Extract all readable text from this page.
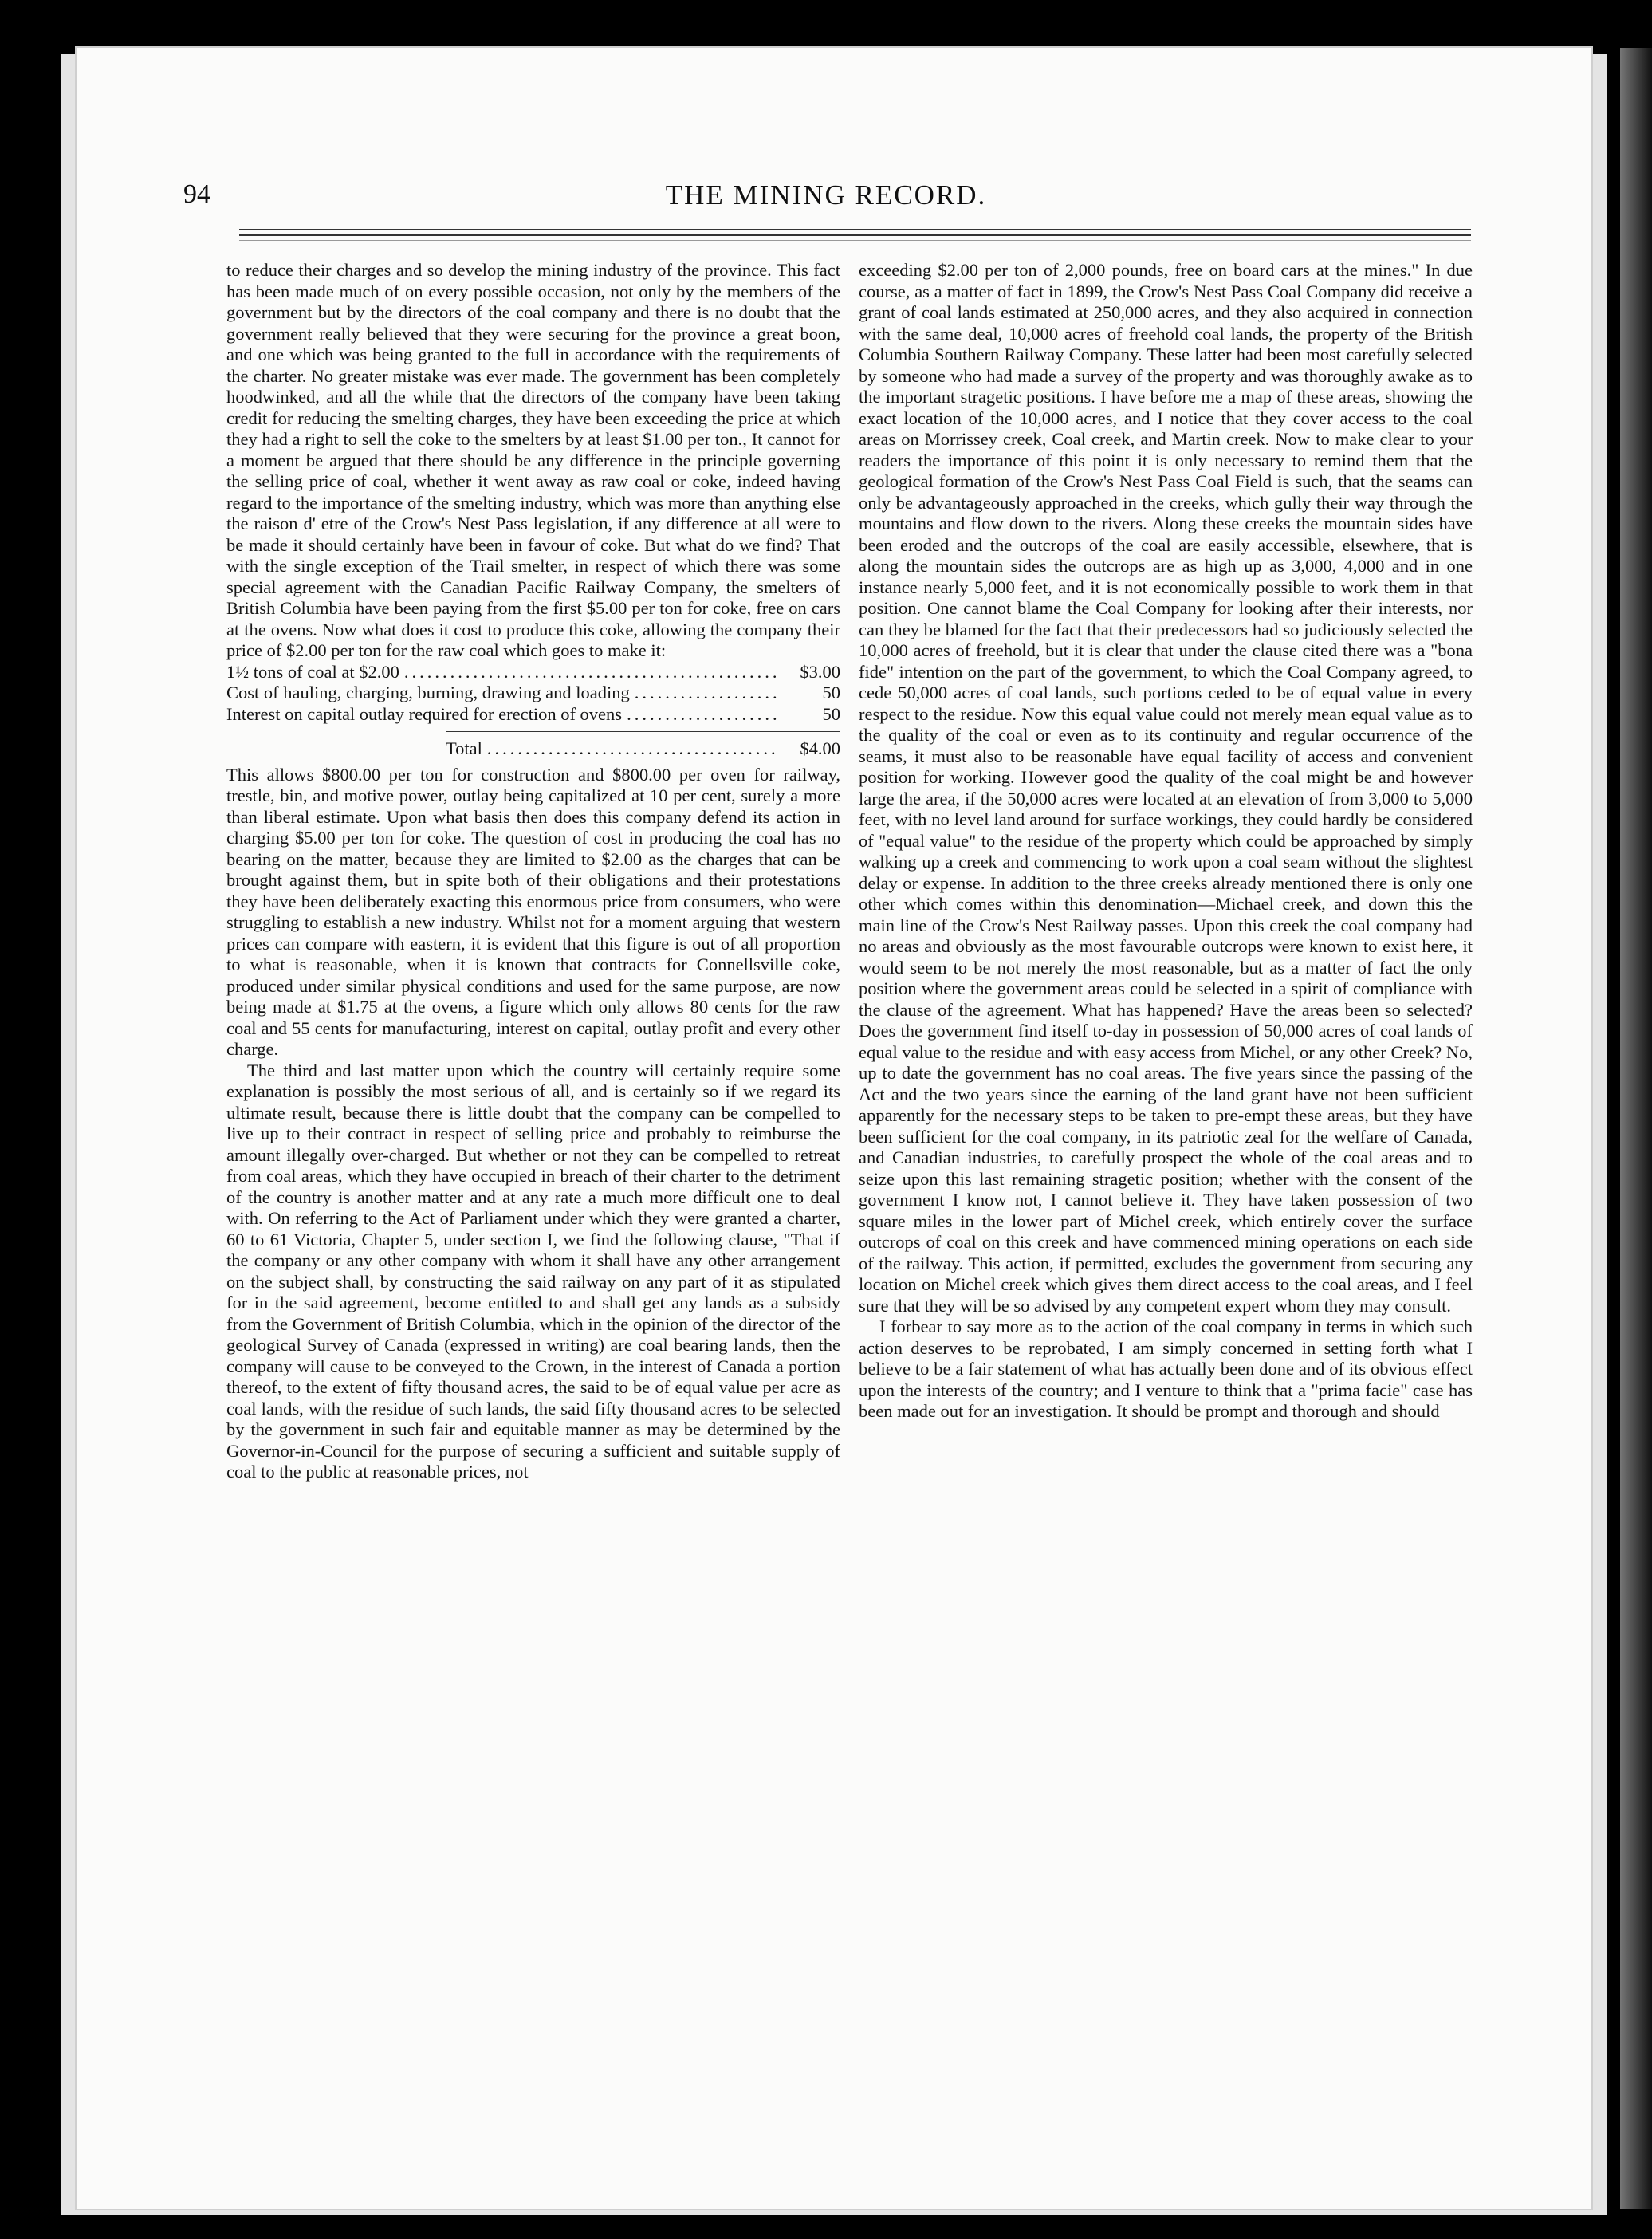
94	THE MINING RECORD.

to reduce their charges and so develop the mining industry of the province. This fact has been made much of on every possible occasion, not only by the members of the government but by the directors of the coal company and there is no doubt that the government really believed that they were securing for the province a great boon, and one which was being granted to the full in accordance with the requirements of the charter. No greater mistake was ever made. The government has been completely hoodwinked, and all the while that the directors of the company have been taking credit for reducing the smelting charges, they have been exceeding the price at which they had a right to sell the coke to the smelters by at least $1.00 per ton., It cannot for a moment be argued that there should be any difference in the principle governing the selling price of coal, whether it went away as raw coal or coke, indeed having regard to the importance of the smelting industry, which was more than anything else the raison d' etre of the Crow's Nest Pass legislation, if any difference at all were to be made it should certainly have been in favour of coke. But what do we find? That with the single exception of the Trail smelter, in respect of which there was some special agreement with the Canadian Pacific Railway Company, the smelters of British Columbia have been paying from the first $5.00 per ton for coke, free on cars at the ovens. Now what does it cost to produce this coke, allowing the company their price of $2.00 per ton for the raw coal which goes to make it:

1½ tons of coal at $2.00 .....	$3.00
Cost of hauling, charging, burning, drawing and loading .....	50
Interest on capital outlay required for erection of ovens .....	50
Total .....	$4.00

This allows $800.00 per ton for construction and $800.00 per oven for railway, trestle, bin, and motive power, outlay being capitalized at 10 per cent, surely a more than liberal estimate. Upon what basis then does this company defend its action in charging $5.00 per ton for coke. The question of cost in producing the coal has no bearing on the matter, because they are limited to $2.00 as the charges that can be brought against them, but in spite both of their obligations and their protestations they have been deliberately exacting this enormous price from consumers, who were struggling to establish a new industry. Whilst not for a moment arguing that western prices can compare with eastern, it is evident that this figure is out of all proportion to what is reasonable, when it is known that contracts for Connellsville coke, produced under similar physical conditions and used for the same purpose, are now being made at $1.75 at the ovens, a figure which only allows 80 cents for the raw coal and 55 cents for manufacturing, interest on capital, outlay profit and every other charge.

The third and last matter upon which the country will certainly require some explanation is possibly the most serious of all, and is certainly so if we regard its ultimate result, because there is little doubt that the company can be compelled to live up to their contract in respect of selling price and probably to reimburse the amount illegally over-charged. But whether or not they can be compelled to retreat from coal areas, which they have occupied in breach of their charter to the detriment of the country is another matter and at any rate a much more difficult one to deal with. On referring to the Act of Parliament under which they were granted a charter, 60 to 61 Victoria, Chapter 5, under section I, we find the following clause, "That if the company or any other company with whom it shall have any other arrangement on the subject shall, by constructing the said railway on any part of it as stipulated for in the said agreement, become entitled to and shall get any lands as a subsidy from the Government of British Columbia, which in the opinion of the director of the geological Survey of Canada (expressed in writing) are coal bearing lands, then the company will cause to be conveyed to the Crown, in the interest of Canada a portion thereof, to the extent of fifty thousand acres, the said to be of equal value per acre as coal lands, with the residue of such lands, the said fifty thousand acres to be selected by the government in such fair and equitable manner as may be determined by the Governor-in-Council for the purpose of securing a sufficient and suitable supply of coal to the public at reasonable prices, not

exceeding $2.00 per ton of 2,000 pounds, free on board cars at the mines." In due course, as a matter of fact in 1899, the Crow's Nest Pass Coal Company did receive a grant of coal lands estimated at 250,000 acres, and they also acquired in connection with the same deal, 10,000 acres of freehold coal lands, the property of the British Columbia Southern Railway Company. These latter had been most carefully selected by someone who had made a survey of the property and was thoroughly awake as to the important stragetic positions. I have before me a map of these areas, showing the exact location of the 10,000 acres, and I notice that they cover access to the coal areas on Morrissey creek, Coal creek, and Martin creek. Now to make clear to your readers the importance of this point it is only necessary to remind them that the geological formation of the Crow's Nest Pass Coal Field is such, that the seams can only be advantageously approached in the creeks, which gully their way through the mountains and flow down to the rivers. Along these creeks the mountain sides have been eroded and the outcrops of the coal are easily accessible, elsewhere, that is along the mountain sides the outcrops are as high up as 3,000, 4,000 and in one instance nearly 5,000 feet, and it is not economically possible to work them in that position. One cannot blame the Coal Company for looking after their interests, nor can they be blamed for the fact that their predecessors had so judiciously selected the 10,000 acres of freehold, but it is clear that under the clause cited there was a "bona fide" intention on the part of the government, to which the Coal Company agreed, to cede 50,000 acres of coal lands, such portions ceded to be of equal value in every respect to the residue. Now this equal value could not merely mean equal value as to the quality of the coal or even as to its continuity and regular occurrence of the seams, it must also to be reasonable have equal facility of access and convenient position for working. However good the quality of the coal might be and however large the area, if the 50,000 acres were located at an elevation of from 3,000 to 5,000 feet, with no level land around for surface workings, they could hardly be considered of "equal value" to the residue of the property which could be approached by simply walking up a creek and commencing to work upon a coal seam without the slightest delay or expense. In addition to the three creeks already mentioned there is only one other which comes within this denomination—Michael creek, and down this the main line of the Crow's Nest Railway passes. Upon this creek the coal company had no areas and obviously as the most favourable outcrops were known to exist here, it would seem to be not merely the most reasonable, but as a matter of fact the only position where the government areas could be selected in a spirit of compliance with the clause of the agreement. What has happened? Have the areas been so selected? Does the government find itself to-day in possession of 50,000 acres of coal lands of equal value to the residue and with easy access from Michel, or any other Creek? No, up to date the government has no coal areas. The five years since the passing of the Act and the two years since the earning of the land grant have not been sufficient apparently for the necessary steps to be taken to pre-empt these areas, but they have been sufficient for the coal company, in its patriotic zeal for the welfare of Canada, and Canadian industries, to carefully prospect the whole of the coal areas and to seize upon this last remaining stragetic position; whether with the consent of the government I know not, I cannot believe it. They have taken possession of two square miles in the lower part of Michel creek, which entirely cover the surface outcrops of coal on this creek and have commenced mining operations on each side of the railway. This action, if permitted, excludes the government from securing any location on Michel creek which gives them direct access to the coal areas, and I feel sure that they will be so advised by any competent expert whom they may consult.

I forbear to say more as to the action of the coal company in terms in which such action deserves to be reprobated, I am simply concerned in setting forth what I believe to be a fair statement of what has actually been done and of its obvious effect upon the interests of the country; and I venture to think that a "prima facie" case has been made out for an investigation. It should be prompt and thorough and should
